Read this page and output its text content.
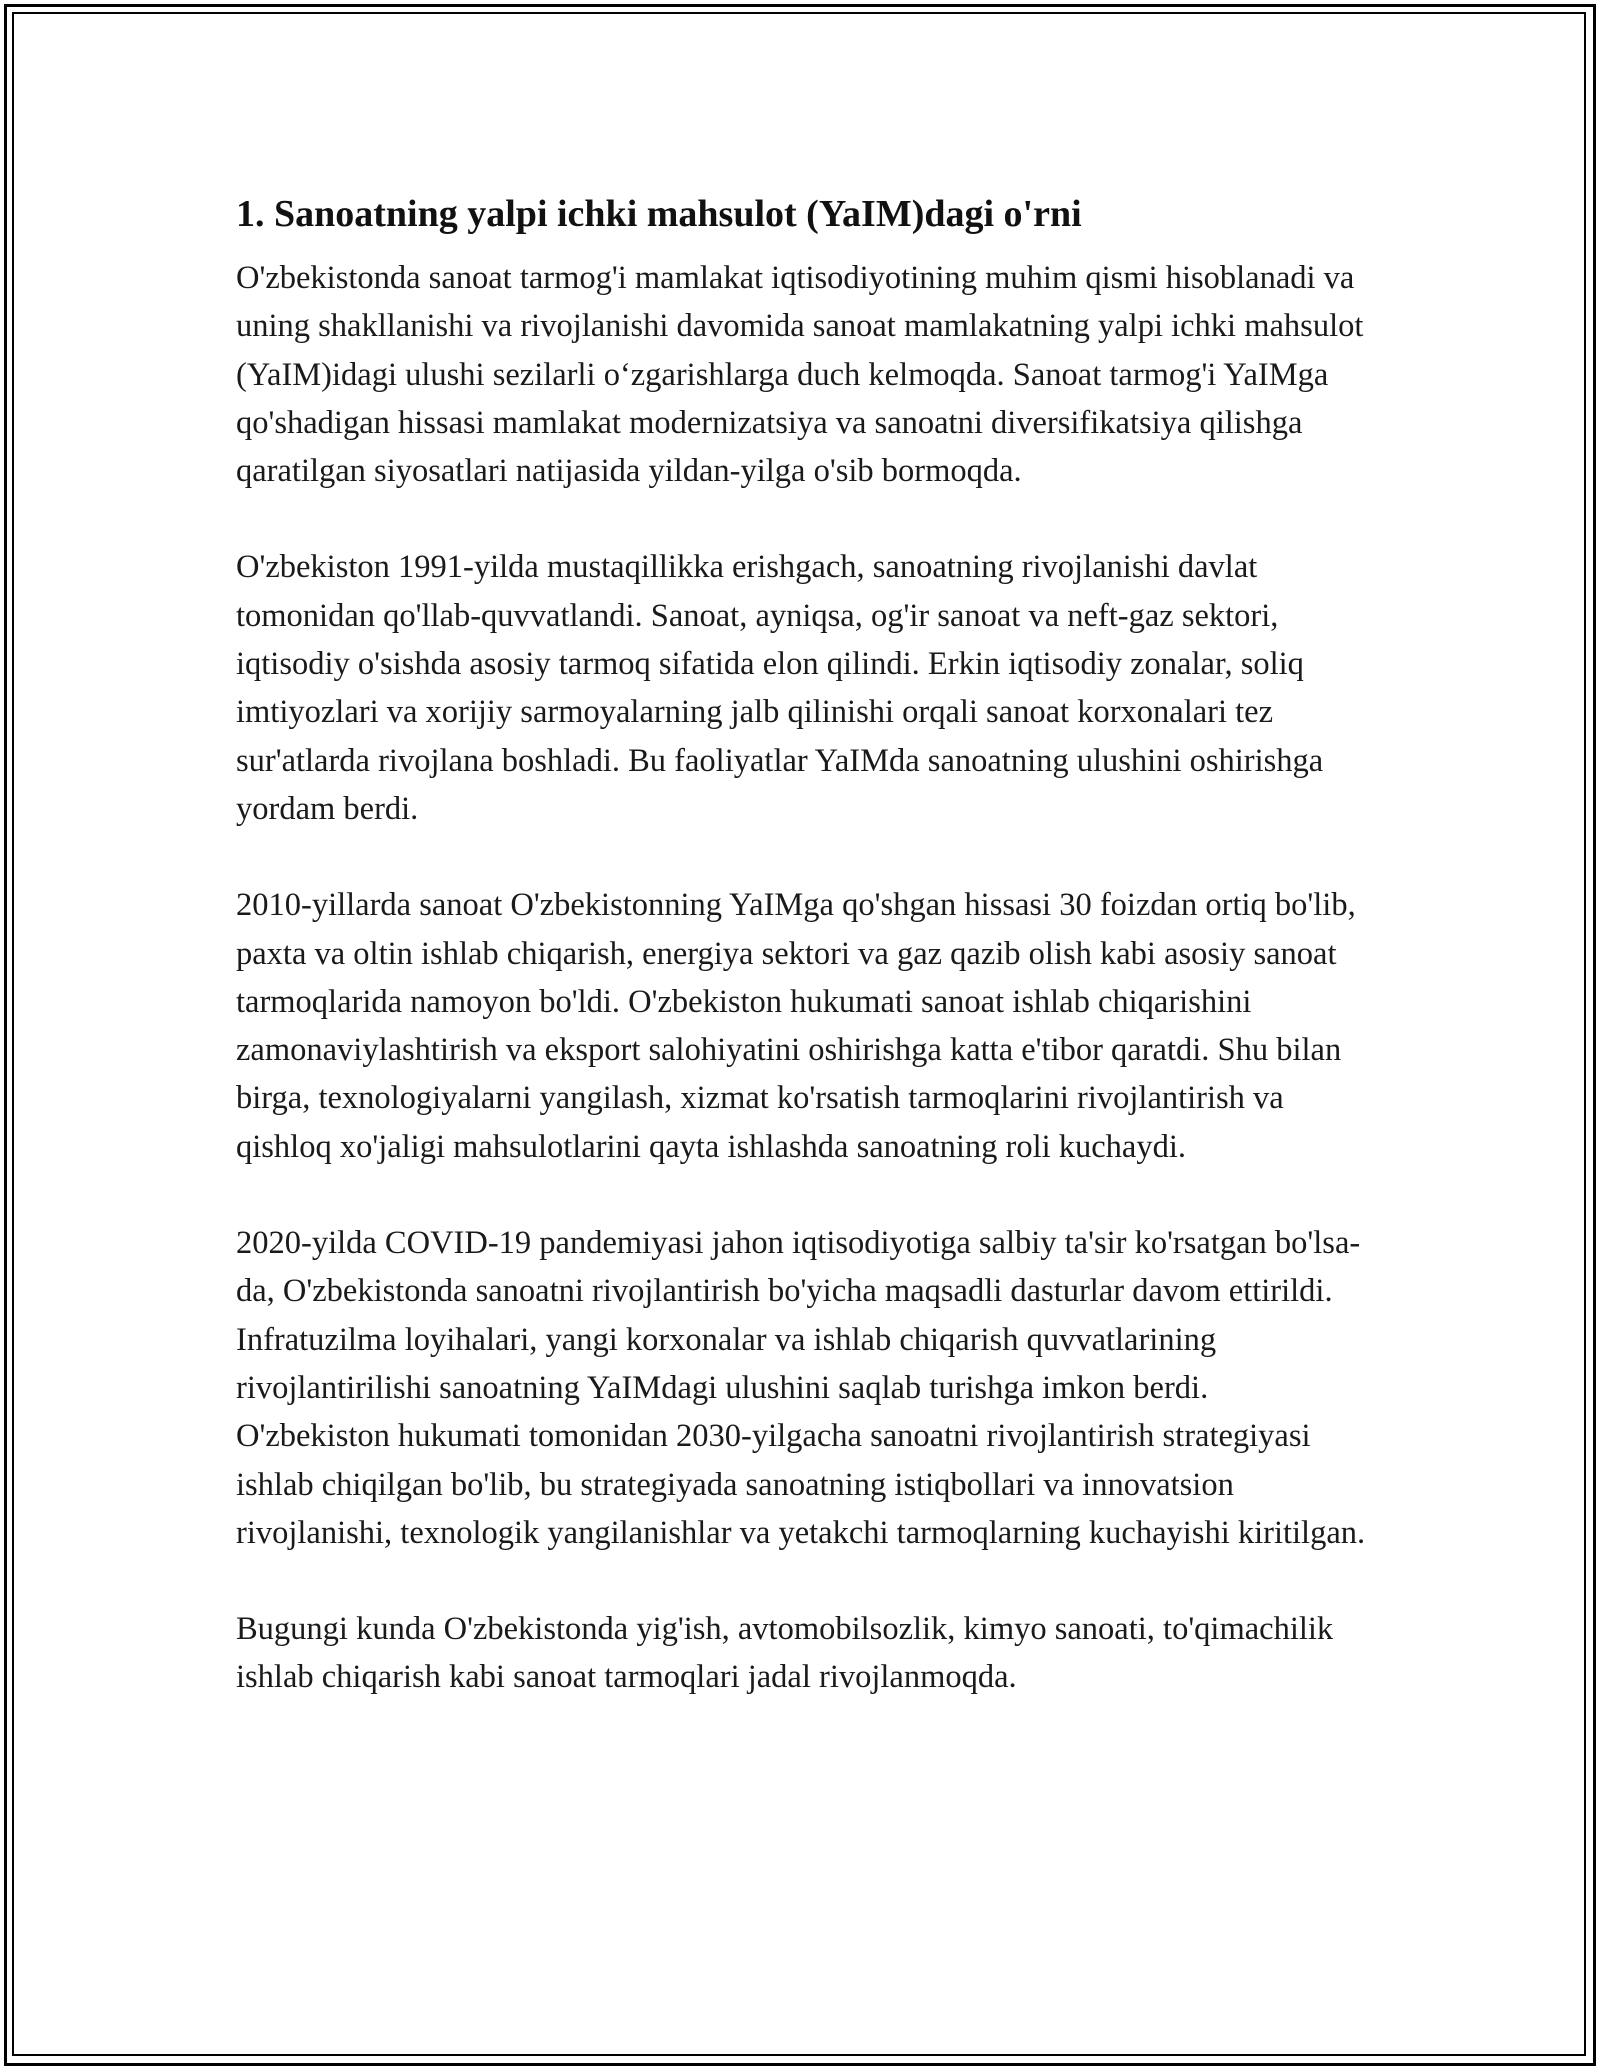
1. Sanoatning yalpi ichki mahsulot (YaIM)dagi o'rni

O'zbekistonda sanoat tarmog'i mamlakat iqtisodiyotining muhim qismi hisoblanadi va uning shakllanishi va rivojlanishi davomida sanoat mamlakatning yalpi ichki mahsulot (YaIM)idagi ulushi sezilarli o‘zgarishlarga duch kelmoqda. Sanoat tarmog'i YaIMga qo'shadigan hissasi mamlakat modernizatsiya va sanoatni diversifikatsiya qilishga qaratilgan siyosatlari natijasida yildan-yilga o'sib bormoqda.

O'zbekiston 1991-yilda mustaqillikka erishgach, sanoatning rivojlanishi davlat tomonidan qo'llab-quvvatlandi. Sanoat, ayniqsa, og'ir sanoat va neft-gaz sektori, iqtisodiy o'sishda asosiy tarmoq sifatida elon qilindi. Erkin iqtisodiy zonalar, soliq imtiyozlari va xorijiy sarmoyalarning jalb qilinishi orqali sanoat korxonalari tez sur'atlarda rivojlana boshladi. Bu faoliyatlar YaIMda sanoatning ulushini oshirishga yordam berdi.

2010-yillarda sanoat O'zbekistonning YaIMga qo'shgan hissasi 30 foizdan ortiq bo'lib, paxta va oltin ishlab chiqarish, energiya sektori va gaz qazib olish kabi asosiy sanoat tarmoqlarida namoyon bo'ldi. O'zbekiston hukumati sanoat ishlab chiqarishini zamonaviylashtirish va eksport salohiyatini oshirishga katta e'tibor qaratdi. Shu bilan birga, texnologiyalarni yangilash, xizmat ko'rsatish tarmoqlarini rivojlantirish va qishloq xo'jaligi mahsulotlarini qayta ishlashda sanoatning roli kuchaydi.

2020-yilda COVID-19 pandemiyasi jahon iqtisodiyotiga salbiy ta'sir ko'rsatgan bo'lsa-da, O'zbekistonda sanoatni rivojlantirish bo'yicha maqsadli dasturlar davom ettirildi. Infratuzilma loyihalari, yangi korxonalar va ishlab chiqarish quvvatlarining rivojlantirilishi sanoatning YaIMdagi ulushini saqlab turishga imkon berdi. O'zbekiston hukumati tomonidan 2030-yilgacha sanoatni rivojlantirish strategiyasi ishlab chiqilgan bo'lib, bu strategiyada sanoatning istiqbollari va innovatsion rivojlanishi, texnologik yangilanishlar va yetakchi tarmoqlarning kuchayishi kiritilgan.

Bugungi kunda O'zbekistonda yig'ish, avtomobilsozlik, kimyo sanoati, to'qimachilik ishlab chiqarish kabi sanoat tarmoqlari jadal rivojlanmoqda.
